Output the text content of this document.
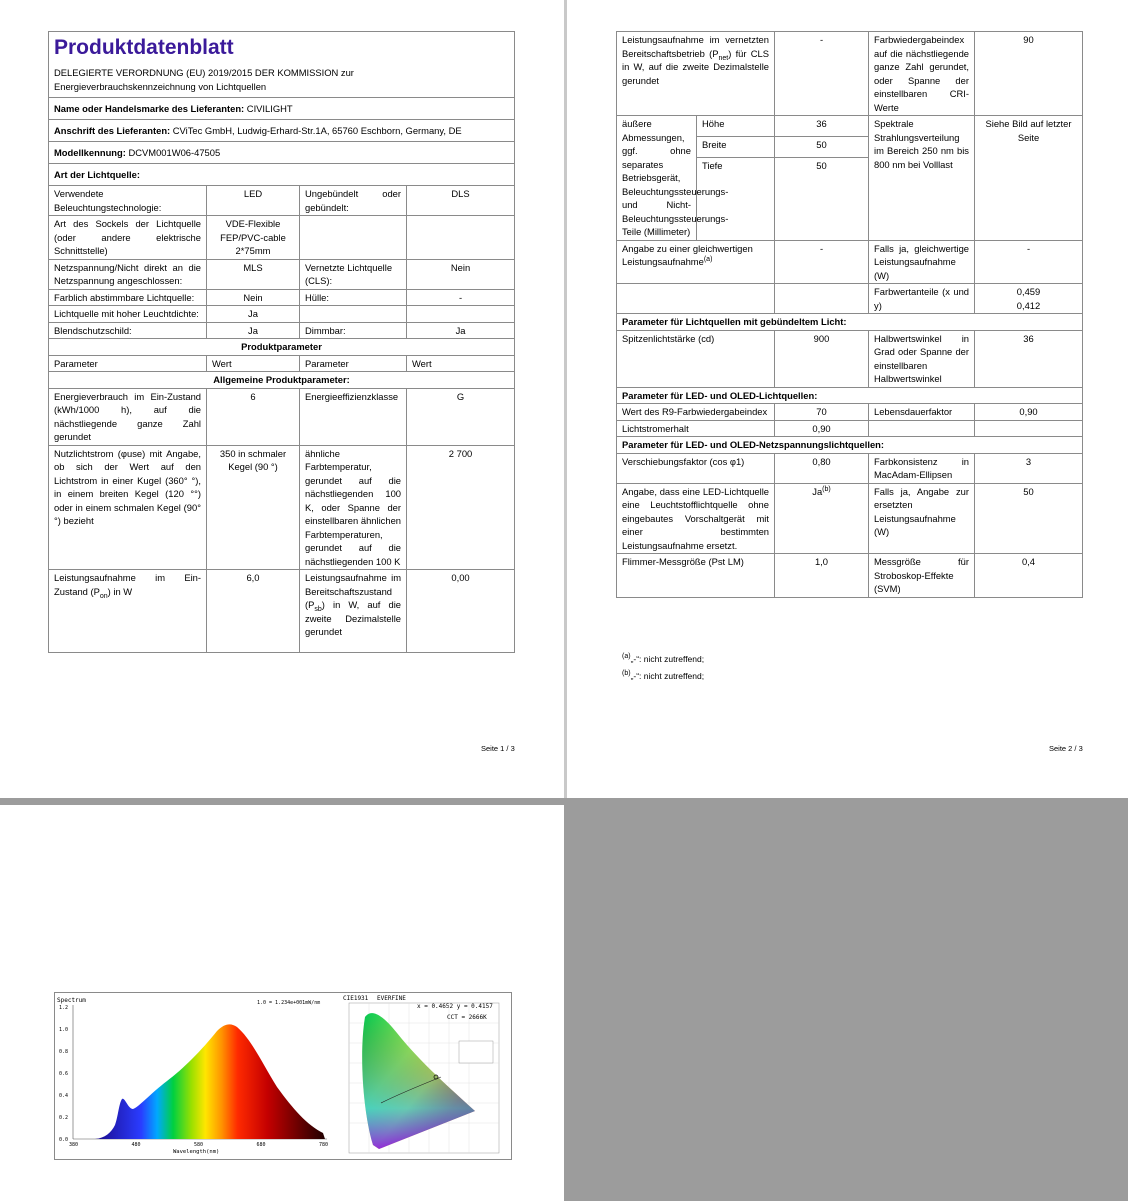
Produktdatenblatt
DELEGIERTE VERORDNUNG (EU) 2019/2015 DER KOMMISSION zur
Energieverbrauchskennzeichnung von Lichtquellen			

Name oder Handelsmarke des Lieferanten: CIVILIGHT			
Anschrift des Lieferanten: CViTec GmbH, Ludwig-Erhard-Str.1A, 65760 Eschborn, Germany, DE			
Modellkennung: DCVM001W06-47505			
Art der Lichtquelle:			
Verwendete Beleuchtungstechnologie:	LED	Ungebündelt oder gebündelt:	DLS
Art des Sockels der Lichtquelle (oder andere elektrische Schnittstelle)	VDE-Flexible FEP/PVC-cable 2*75mm		
Netzspannung/Nicht direkt an die Netzspannung angeschlossen:	MLS	Vernetzte Lichtquelle (CLS):	Nein
Farblich abstimmbare Lichtquelle:	Nein	Hülle:	-
Lichtquelle mit hoher Leuchtdichte:	Ja		
Blendschutzschild:	Ja	Dimmbar:	Ja
Produktparameter			
Parameter	Wert	Parameter	Wert
Allgemeine Produktparameter:			
Energieverbrauch im Ein-Zustand (kWh/1000 h), auf die nächstliegende ganze Zahl gerundet	6	Energieeffizienzklasse	G
Nutzlichtstrom (φuse) mit Angabe, ob sich der Wert auf den Lichtstrom in einer Kugel (360° °), in einem breiten Kegel (120 °°) oder in einem schmalen Kegel (90° °) bezieht	350 in schmaler Kegel (90 °)	ähnliche Farbtemperatur, gerundet auf die nächstliegenden 100 K, oder Spanne der einstellbaren ähnlichen Farbtemperaturen, gerundet auf die nächstliegenden 100 K	2 700
Leistungsaufnahme im Ein-Zustand $(P_{on})$ in W	6,0	Leistungsaufnahme im Bereitschaftszustand $(P_{sb})$ in W, auf die zweite Dezimalstelle gerundet	0,00
Seite 1 / 3
Leistungsaufnahme im vernetzten Bereitschaftsbetrieb $(P_{net})$ für CLS in W, auf die zweite Dezimalstelle gerundet		-	Farbwiedergabeindex auf die nächstliegende ganze Zahl gerundet, oder Spanne der einstellbaren CRI-Werte	90
äußere Abmessungen, ggf. ohne separates Betriebsgerät, Beleuchtungssteuerungs- und Nicht-Beleuchtungssteuerungs-Teile (Millimeter)	Höhe	36	Spektrale Strahlungsverteilung im Bereich 250 nm bis 800 nm bei Volllast	Siehe Bild auf letzter Seite
	Breite	50		
	Tiefe	50		
Angabe zu einer gleichwertigen Leistungsaufnahme$^{(a)}$		-	Falls ja, gleichwertige Leistungsaufnahme (W)	-
			Farbwertanteile (x und y)	0,459
0,412

Parameter für Lichtquellen mit gebündeltem Licht:				
Spitzenlichtstärke (cd)		900	Halbwertswinkel in Grad oder Spanne der einstellbaren Halbwertswinkel	36
Parameter für LED- und OLED-Lichtquellen:				
Wert des R9-Farbwiedergabeindex		70	Lebensdauerfaktor	0,90
Lichtstromerhalt		0,90		
Parameter für LED- und OLED-Netzspannungslichtquellen:				
Verschiebungsfaktor (cos φ1)		0,80	Farbkonsistenz in MacAdam-Ellipsen	3
Angabe, dass eine LED-Lichtquelle eine Leuchtstofflichtquelle ohne eingebautes Vorschaltgerät mit einer bestimmten Leistungsaufnahme ersetzt.		Ja$^{(b)}$	Falls ja, Angabe zur ersetzten Leistungsaufnahme (W)	50
Flimmer-Messgröße (Pst LM)		1,0	Messgröße für Stroboskop-Effekte (SVM)	0,4
$^{(a)}$„-“: nicht zutreffend;
$^{(b)}$„-“: nicht zutreffend;
Seite 2 / 3
Spectrum	1.0 = 1.234e+001mW/nm
1.2
1.0
0.8
0.6
0.4
0.2
0.0
380	480	580	680	780
Wavelength(nm)
CIE1931 EVERFINE
x = 0.4652 y = 0.4157
CCT = 2666K
